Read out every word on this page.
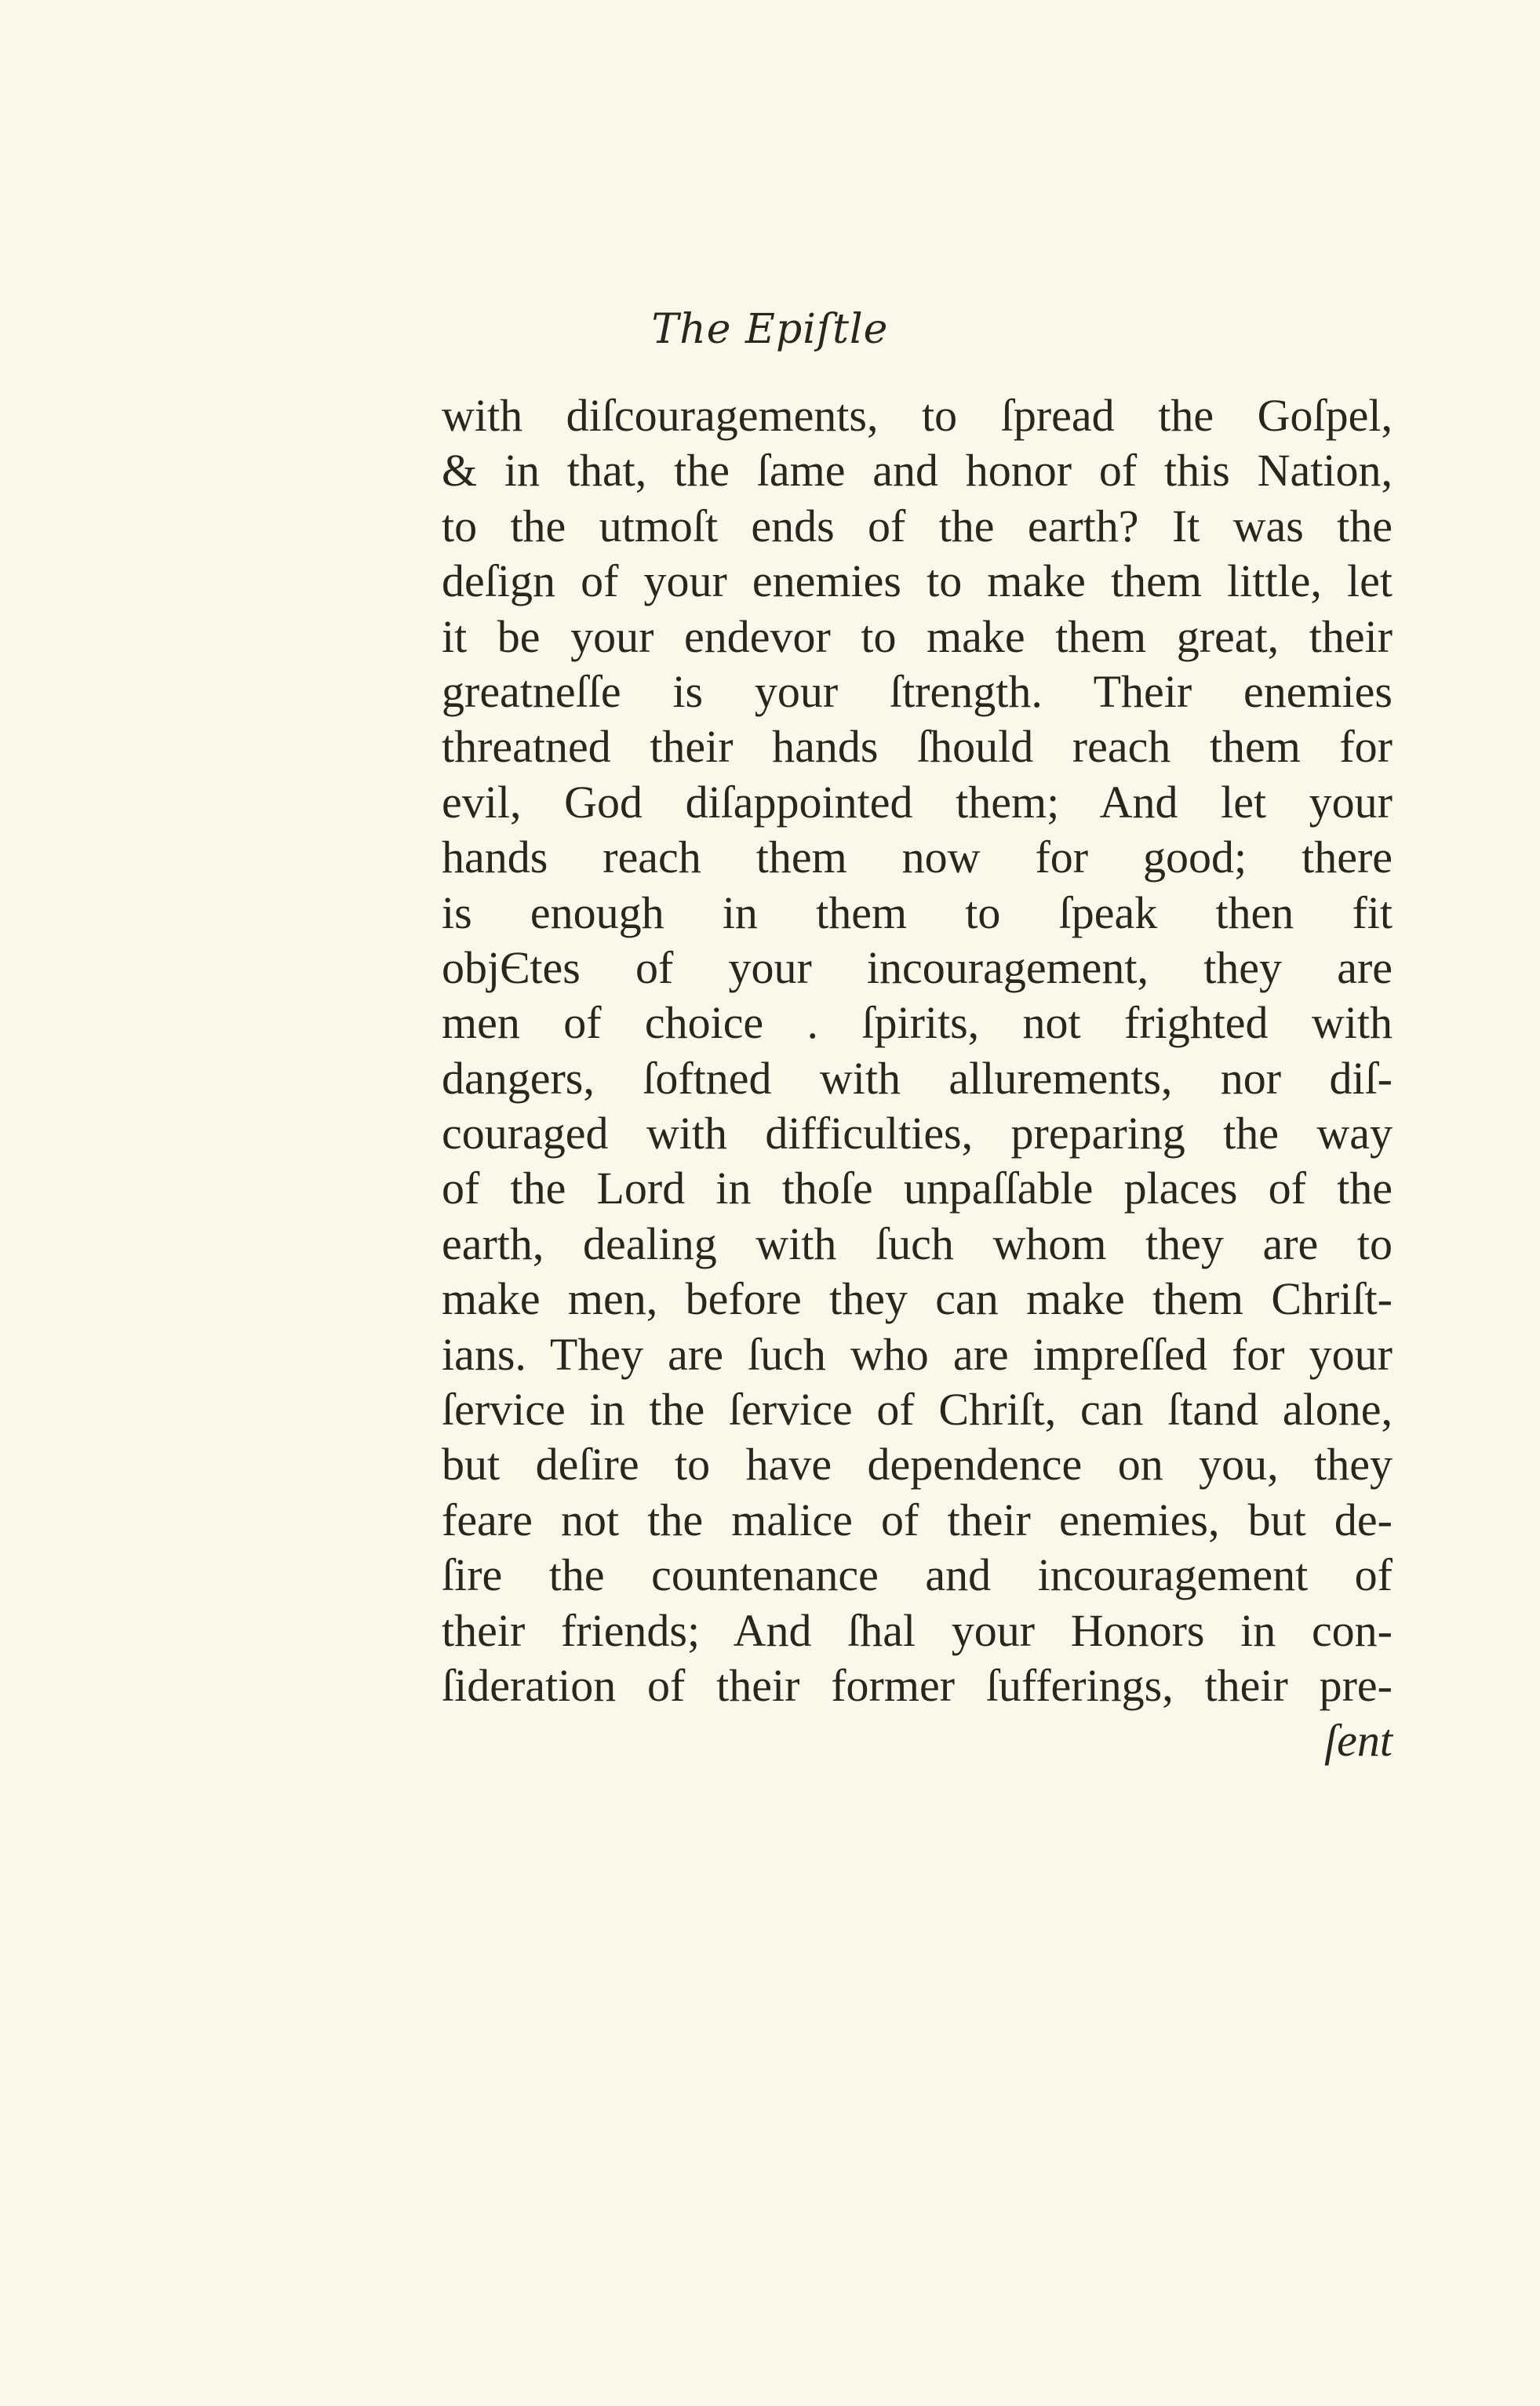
The Epiſtle
with diſcouragements, to ſpread the Goſpel,
& in that, the ſame and honor of this Nation,
to the utmoſt ends of the earth? It was the
deſign of your enemies to make them little, let
it be your endevor to make them great, their
greatneſſe is your ſtrength. Their enemies
threatned their hands ſhould reach them for
evil, God diſappointed them; And let your
hands reach them now for good; there
is enough in them to ſpeak then fit
objЄtes of your incouragement, they are
men of choice . ſpirits, not frighted with
dangers, ſoftned with allurements, nor diſ-
couraged with difficulties, preparing the way
of the Lord in thoſe unpaſſable places of the
earth, dealing with ſuch whom they are to
make men, before they can make them Chriſt-
ians. They are ſuch who are impreſſed for your
ſervice in the ſervice of Chriſt, can ſtand alone,
but deſire to have dependence on you, they
feare not the malice of their enemies, but de-
ſire the countenance and incouragement of
their friends; And ſhal your Honors in con-
ſideration of their former ſufferings, their pre-
ſent
